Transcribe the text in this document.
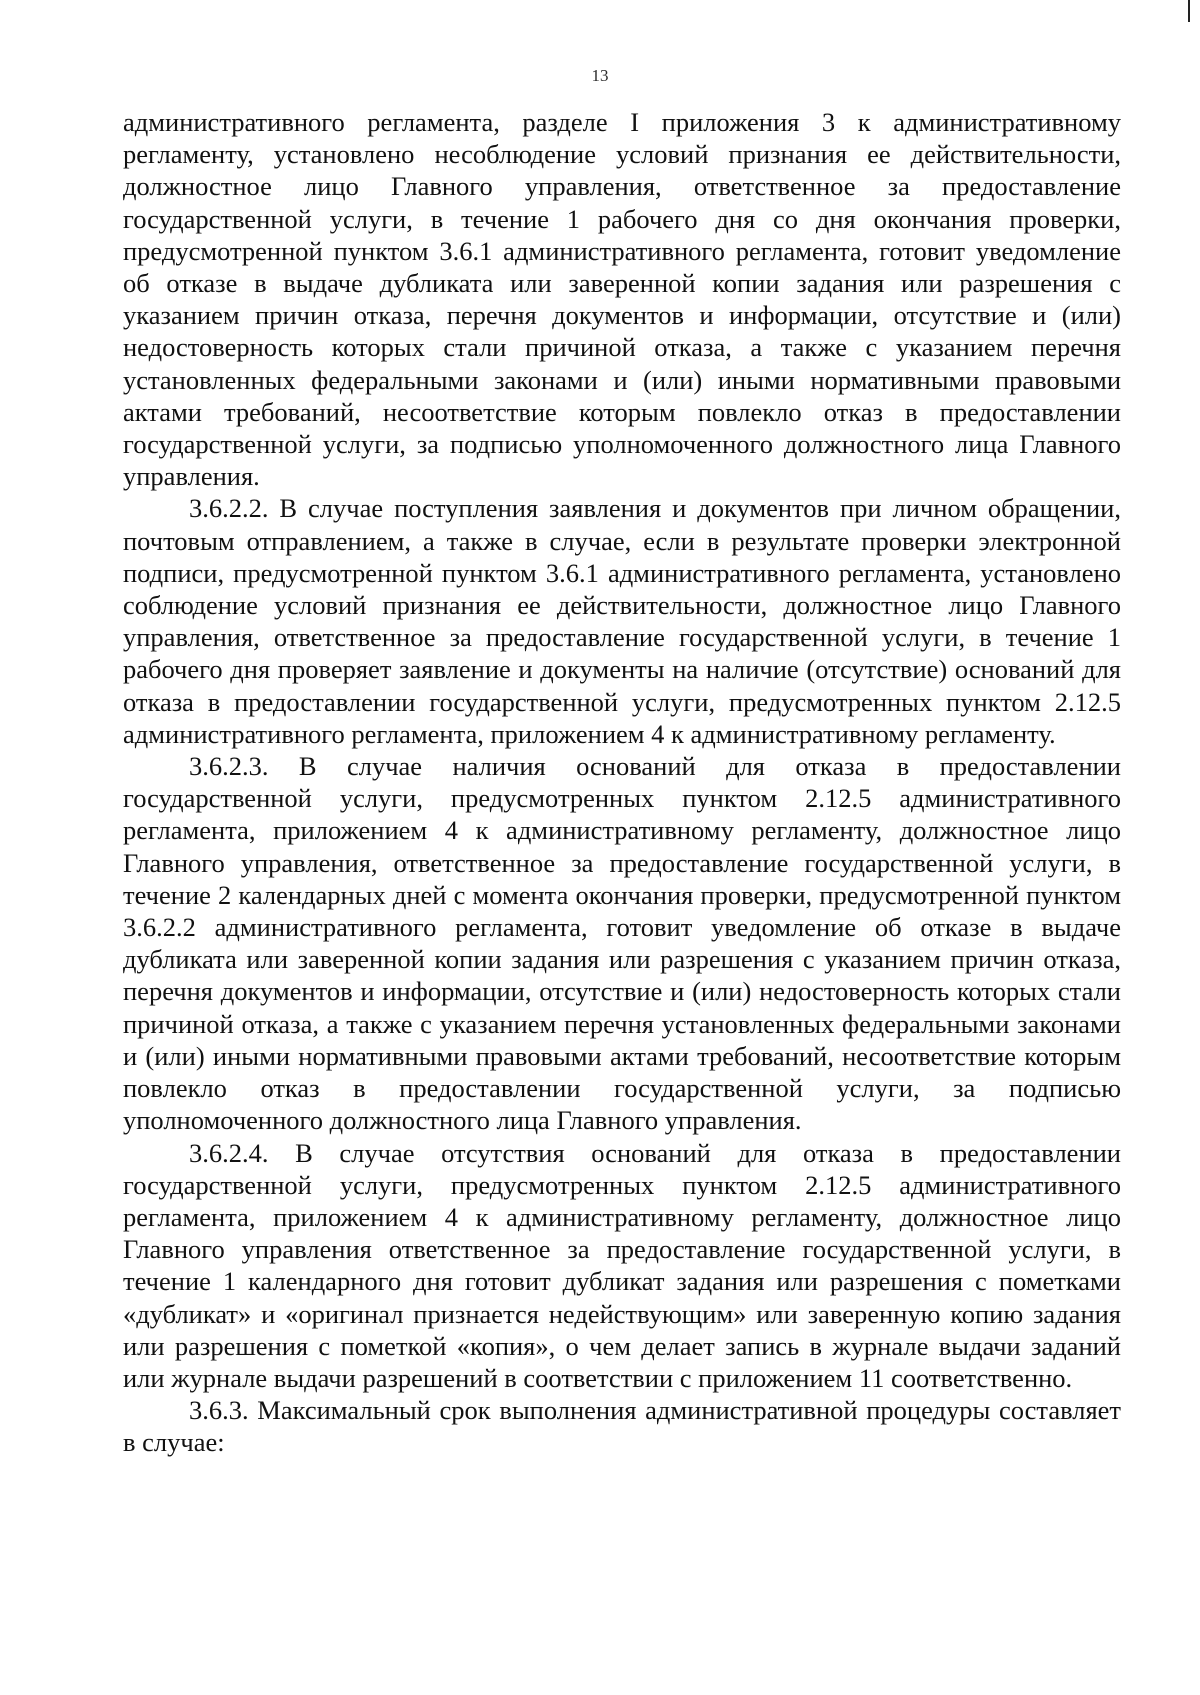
13

административного регламента, разделе I приложения 3 к административному регламенту, установлено несоблюдение условий признания ее действительности, должностное лицо Главного управления, ответственное за предоставление государственной услуги, в течение 1 рабочего дня со дня окончания проверки, предусмотренной пунктом 3.6.1 административного регламента, готовит уведомление об отказе в выдаче дубликата или заверенной копии задания или разрешения с указанием причин отказа, перечня документов и информации, отсутствие и (или) недостоверность которых стали причиной отказа, а также с указанием перечня установленных федеральными законами и (или) иными нормативными правовыми актами требований, несоответствие которым повлекло отказ в предоставлении государственной услуги, за подписью уполномоченного должностного лица Главного управления.

3.6.2.2. В случае поступления заявления и документов при личном обращении, почтовым отправлением, а также в случае, если в результате проверки электронной подписи, предусмотренной пунктом 3.6.1 административного регламента, установлено соблюдение условий признания ее действительности, должностное лицо Главного управления, ответственное за предоставление государственной услуги, в течение 1 рабочего дня проверяет заявление и документы на наличие (отсутствие) оснований для отказа в предоставлении государственной услуги, предусмотренных пунктом 2.12.5 административного регламента, приложением 4 к административному регламенту.

3.6.2.3. В случае наличия оснований для отказа в предоставлении государственной услуги, предусмотренных пунктом 2.12.5 административного регламента, приложением 4 к административному регламенту, должностное лицо Главного управления, ответственное за предоставление государственной услуги, в течение 2 календарных дней с момента окончания проверки, предусмотренной пунктом 3.6.2.2 административного регламента, готовит уведомление об отказе в выдаче дубликата или заверенной копии задания или разрешения с указанием причин отказа, перечня документов и информации, отсутствие и (или) недостоверность которых стали причиной отказа, а также с указанием перечня установленных федеральными законами и (или) иными нормативными правовыми актами требований, несоответствие которым повлекло отказ в предоставлении государственной услуги, за подписью уполномоченного должностного лица Главного управления.

3.6.2.4. В случае отсутствия оснований для отказа в предоставлении государственной услуги, предусмотренных пунктом 2.12.5 административного регламента, приложением 4 к административному регламенту, должностное лицо Главного управления ответственное за предоставление государственной услуги, в течение 1 календарного дня готовит дубликат задания или разрешения с пометками «дубликат» и «оригинал признается недействующим» или заверенную копию задания или разрешения с пометкой «копия», о чем делает запись в журнале выдачи заданий или журнале выдачи разрешений в соответствии с приложением 11 соответственно.

3.6.3. Максимальный срок выполнения административной процедуры составляет в случае:
